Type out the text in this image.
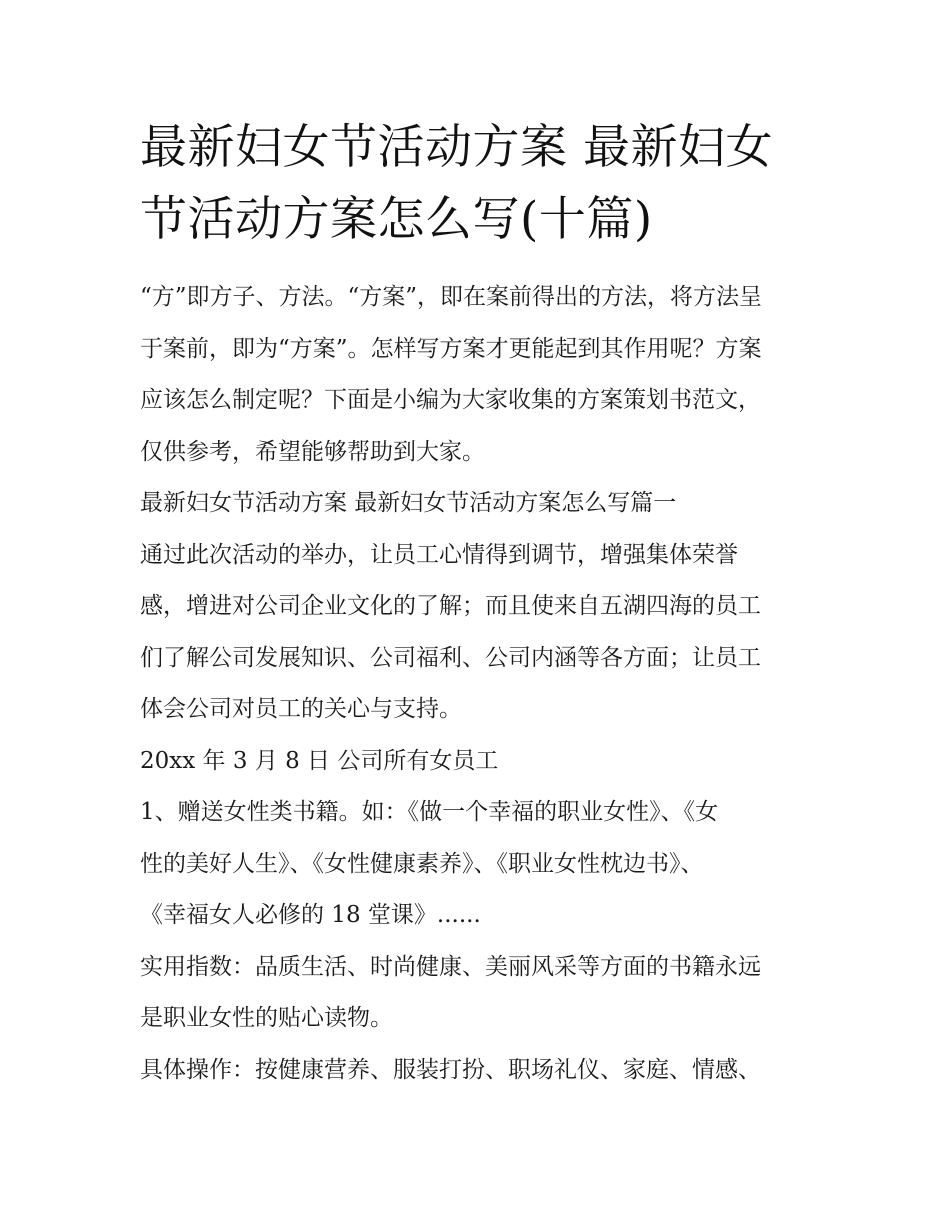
最新妇女节活动方案 最新妇女
节活动方案怎么写(十篇)

“方”即方子、方法。“方案”，即在案前得出的方法，将方法呈
于案前，即为“方案”。怎样写方案才更能起到其作用呢？方案
应该怎么制定呢？下面是小编为大家收集的方案策划书范文，
仅供参考，希望能够帮助到大家。

最新妇女节活动方案 最新妇女节活动方案怎么写篇一

通过此次活动的举办，让员工心情得到调节，增强集体荣誉
感，增进对公司企业文化的了解；而且使来自五湖四海的员工
们了解公司发展知识、公司福利、公司内涵等各方面；让员工
体会公司对员工的关心与支持。

20xx 年 3 月 8 日 公司所有女员工

1、赠送女性类书籍。如：《做一个幸福的职业女性》、《女
性的美好人生》、《女性健康素养》、《职业女性枕边书》、
《幸福女人必修的 18 堂课》......

实用指数：品质生活、时尚健康、美丽风采等方面的书籍永远
是职业女性的贴心读物。

具体操作：按健康营养、服装打扮、职场礼仪、家庭、情感、
